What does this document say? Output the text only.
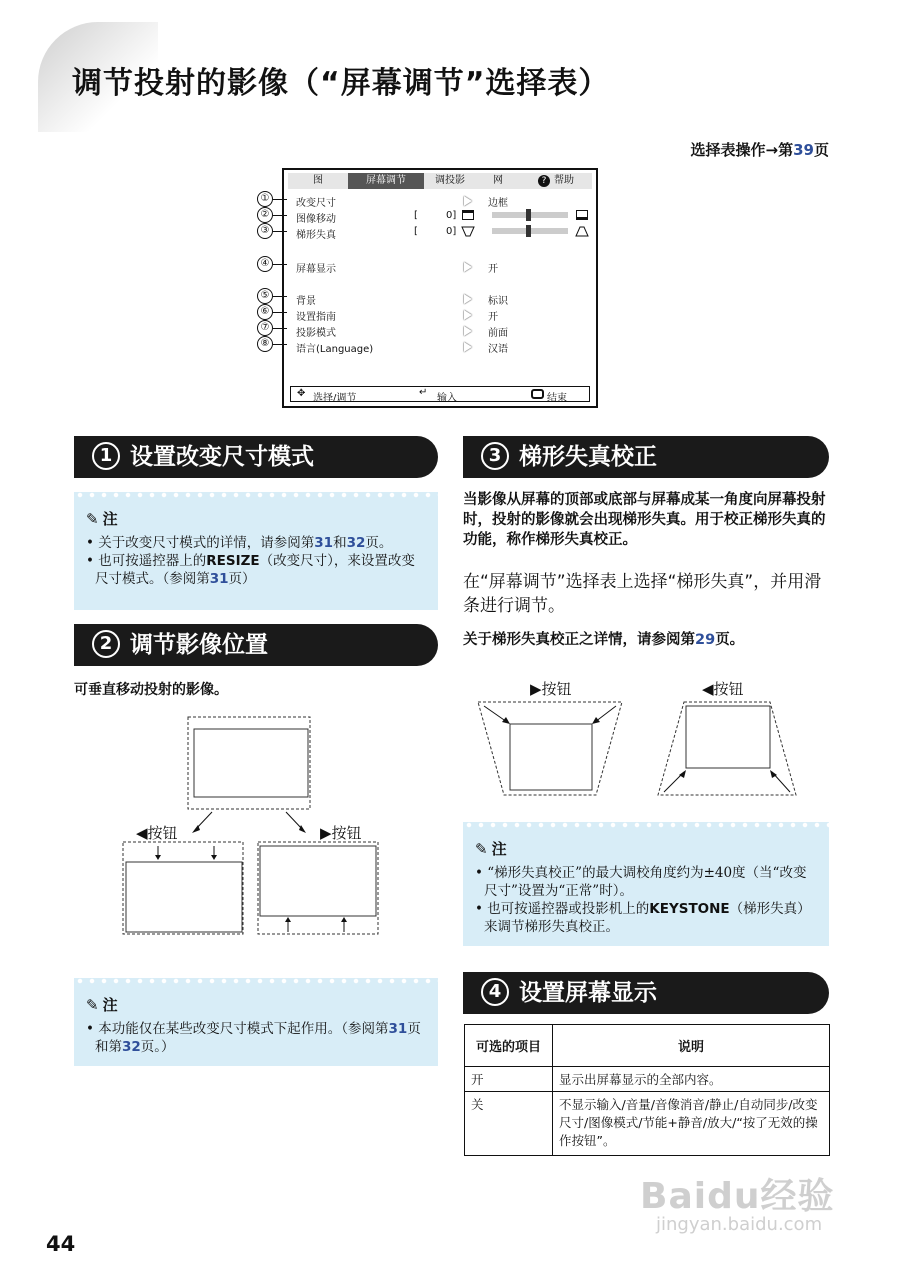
调节投射的影像（“屏幕调节”选择表）
选择表操作→第39页
图	屏幕调节	调投影	网	? 帮助
改变尺寸	边框
图像移动	[	0]
梯形失真	[	0]
屏幕显示	开
背景	标识
设置指南	开
投影模式	前面
语言(Language)	汉语
✥ 选择/调节
↵
输入	结束
①
②
③
④
⑤
⑥
⑦
⑧
1 设置改变尺寸模式
✎ 注
• 关于改变尺寸模式的详情，请参阅第31和32页。
• 也可按遥控器上的RESIZE（改变尺寸），来设置改变尺寸模式。（参阅第31页）
2 调节影像位置
可垂直移动投射的影像。
◀按钮	▶按钮
✎ 注
• 本功能仅在某些改变尺寸模式下起作用。（参阅第31页和第32页。）
3 梯形失真校正
当影像从屏幕的顶部或底部与屏幕成某一角度向屏幕投射时，投射的影像就会出现梯形失真。用于校正梯形失真的功能，称作梯形失真校正。
在“屏幕调节”选择表上选择“梯形失真”，并用滑条进行调节。
关于梯形失真校正之详情，请参阅第29页。
▶按钮	◀按钮
✎ 注
• “梯形失真校正”的最大调校角度约为±40度（当“改变尺寸”设置为“正常”时）。
• 也可按遥控器或投影机上的KEYSTONE（梯形失真）来调节梯形失真校正。
4 设置屏幕显示
可选的项目	说明
开	显示出屏幕显示的全部内容。
关	不显示输入/音量/音像消音/静止/自动同步/改变尺寸/图像模式/节能+静音/放大/“按了无效的操作按钮”。
Baidu经验
jingyan.baidu.com
44
